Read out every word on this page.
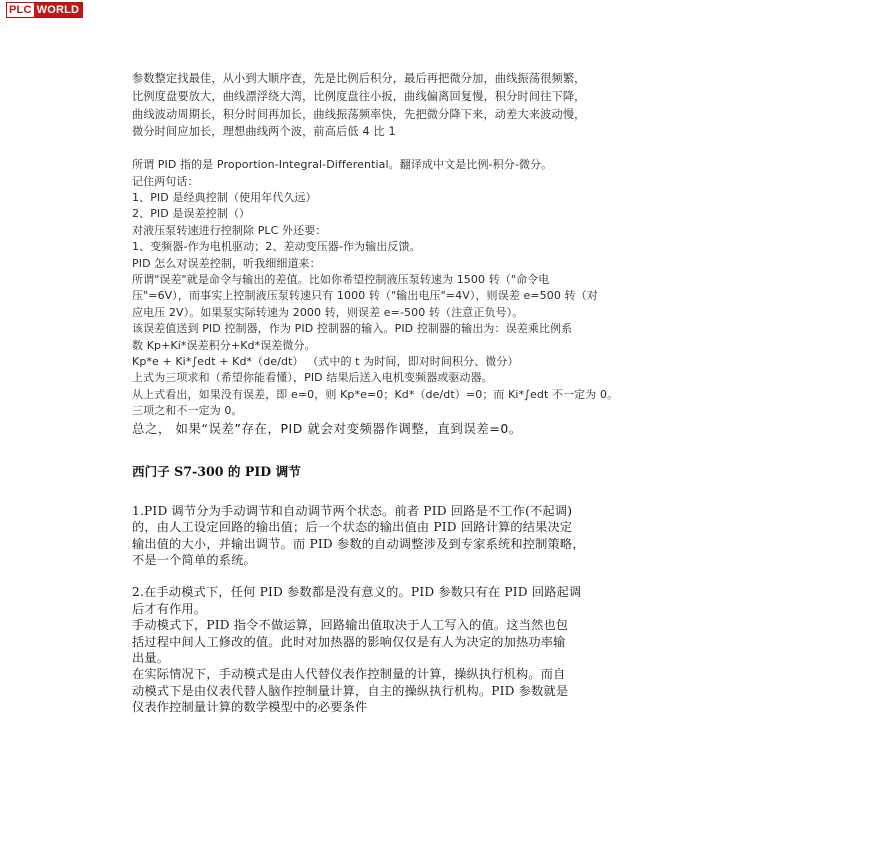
PLC WORLD
参数整定找最佳，从小到大顺序查，先是比例后积分，最后再把微分加，曲线振荡很频繁，
比例度盘要放大，曲线漂浮绕大湾，比例度盘往小扳，曲线偏离回复慢，积分时间往下降，
曲线波动周期长，积分时间再加长，曲线振荡频率快，先把微分降下来，动差大来波动慢，
微分时间应加长，理想曲线两个波，前高后低 4 比 1
所谓 PID 指的是 Proportion-Integral-Differential。翻译成中文是比例-积分-微分。
记住两句话：
1、PID 是经典控制（使用年代久远）
2、PID 是误差控制（）
对液压泵转速进行控制除 PLC 外还要：
1、变频器-作为电机驱动；2、差动变压器-作为输出反馈。
PID 怎么对误差控制，听我细细道来：
所谓"误差"就是命令与输出的差值。比如你希望控制液压泵转速为 1500 转（"命令电
压"=6V），而事实上控制液压泵转速只有 1000 转（"输出电压"=4V），则误差 e=500 转（对
应电压 2V）。如果泵实际转速为 2000 转，则误差 e=-500 转（注意正负号）。
该误差值送到 PID 控制器，作为 PID 控制器的输入。PID 控制器的输出为：误差乘比例系
数 Kp+Ki*误差积分+Kd*误差微分。
Kp*e + Ki*∫edt + Kd*（de/dt） （式中的 t 为时间，即对时间积分、微分）
上式为三项求和（希望你能看懂），PID 结果后送入电机变频器或驱动器。
从上式看出，如果没有误差，即 e=0，则 Kp*e=0；Kd*（de/dt）=0；而 Ki*∫edt 不一定为 0。
三项之和不一定为 0。
总之， 如果“误差”存在，PID 就会对变频器作调整，直到误差=0。
西门子 S7-300 的 PID 调节
1.PID 调节分为手动调节和自动调节两个状态。前者 PID 回路是不工作(不起调)
的，由人工设定回路的输出值；后一个状态的输出值由 PID 回路计算的结果决定
输出值的大小，并输出调节。而 PID 参数的自动调整涉及到专家系统和控制策略，
不是一个简单的系统。
2.在手动模式下，任何 PID 参数都是没有意义的。PID 参数只有在 PID 回路起调
后才有作用。
手动模式下，PID 指令不做运算，回路输出值取决于人工写入的值。这当然也包
括过程中间人工修改的值。此时对加热器的影响仅仅是有人为决定的加热功率输
出量。
在实际情况下，手动模式是由人代替仪表作控制量的计算，操纵执行机构。而自
动模式下是由仪表代替人脑作控制量计算，自主的操纵执行机构。PID 参数就是
仪表作控制量计算的数学模型中的必要条件
